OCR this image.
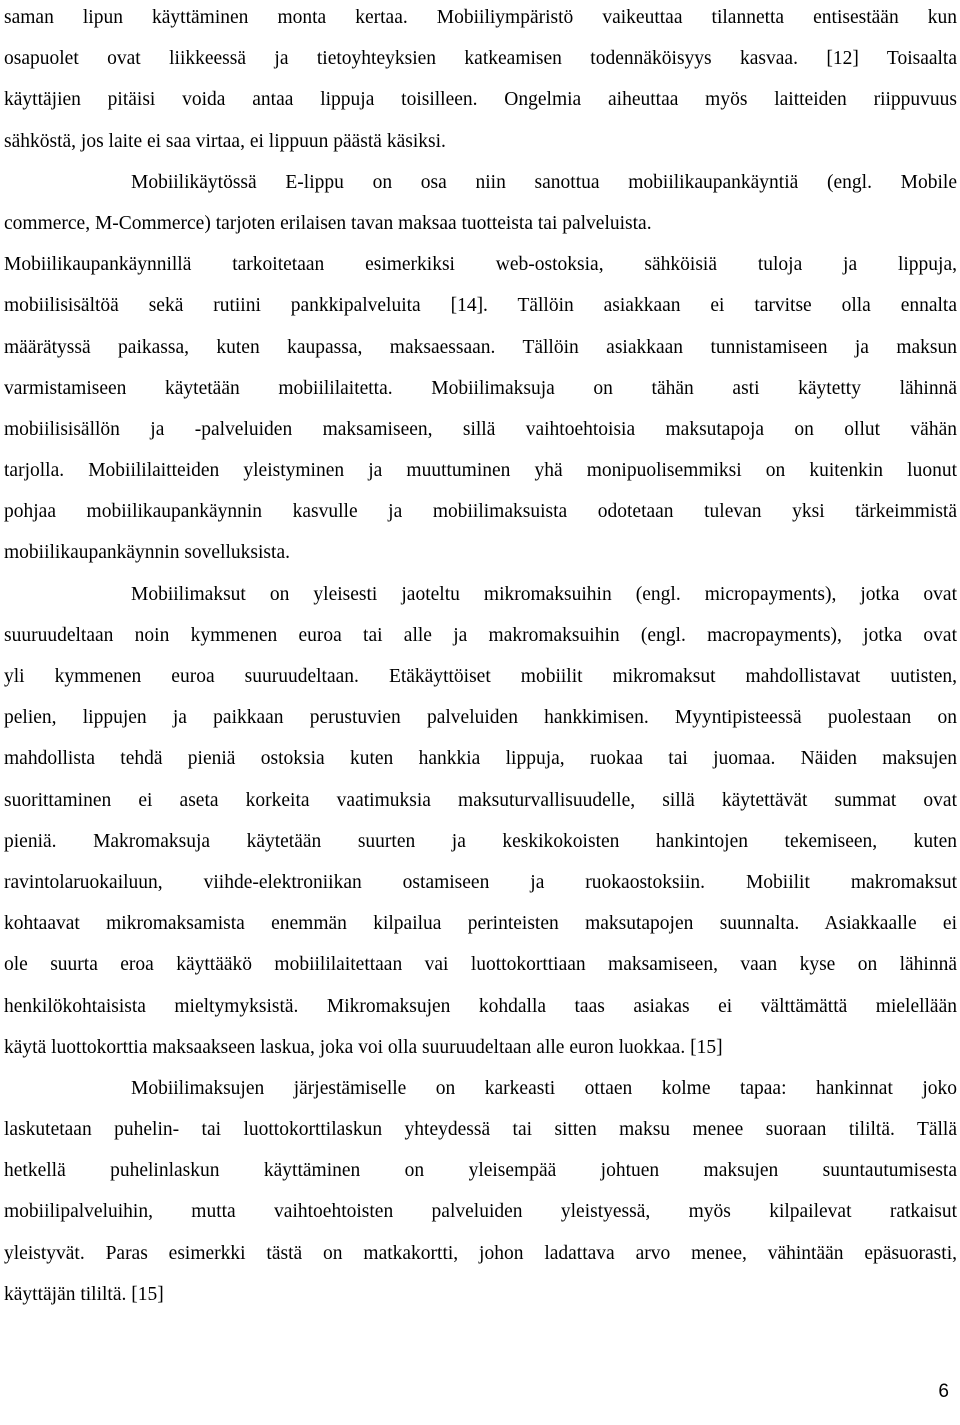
saman lipun käyttäminen monta kertaa. Mobiiliympäristö vaikeuttaa tilannetta entisestään kun
osapuolet ovat liikkeessä ja tietoyhteyksien katkeamisen todennäköisyys kasvaa. [12] Toisaalta
käyttäjien pitäisi voida antaa lippuja toisilleen. Ongelmia aiheuttaa myös laitteiden riippuvuus
sähköstä, jos laite ei saa virtaa, ei lippuun päästä käsiksi.
Mobiilikäytössä E-lippu on osa niin sanottua mobiilikaupankäyntiä (engl. Mobile
commerce, M-Commerce) tarjoten erilaisen tavan maksaa tuotteista tai palveluista.
Mobiilikaupankäynnillä tarkoitetaan esimerkiksi web-ostoksia, sähköisiä tuloja ja lippuja,
mobiilisisältöä sekä rutiini pankkipalveluita [14]. Tällöin asiakkaan ei tarvitse olla ennalta
määrätyssä paikassa, kuten kaupassa, maksaessaan. Tällöin asiakkaan tunnistamiseen ja maksun
varmistamiseen käytetään mobiililaitetta. Mobiilimaksuja on tähän asti käytetty lähinnä
mobiilisisällön ja -palveluiden maksamiseen, sillä vaihtoehtoisia maksutapoja on ollut vähän
tarjolla. Mobiililaitteiden yleistyminen ja muuttuminen yhä monipuolisemmiksi on kuitenkin luonut
pohjaa mobiilikaupankäynnin kasvulle ja mobiilimaksuista odotetaan tulevan yksi tärkeimmistä
mobiilikaupankäynnin sovelluksista.
Mobiilimaksut on yleisesti jaoteltu mikromaksuihin (engl. micropayments), jotka ovat
suuruudeltaan noin kymmenen euroa tai alle ja makromaksuihin (engl. macropayments), jotka ovat
yli kymmenen euroa suuruudeltaan. Etäkäyttöiset mobiilit mikromaksut mahdollistavat uutisten,
pelien, lippujen ja paikkaan perustuvien palveluiden hankkimisen. Myyntipisteessä puolestaan on
mahdollista tehdä pieniä ostoksia kuten hankkia lippuja, ruokaa tai juomaa. Näiden maksujen
suorittaminen ei aseta korkeita vaatimuksia maksuturvallisuudelle, sillä käytettävät summat ovat
pieniä. Makromaksuja käytetään suurten ja keskikokoisten hankintojen tekemiseen, kuten
ravintolaruokailuun, viihde-elektroniikan ostamiseen ja ruokaostoksiin. Mobiilit makromaksut
kohtaavat mikromaksamista enemmän kilpailua perinteisten maksutapojen suunnalta. Asiakkaalle ei
ole suurta eroa käyttääkö mobiililaitettaan vai luottokorttiaan maksamiseen, vaan kyse on lähinnä
henkilökohtaisista mieltymyksistä. Mikromaksujen kohdalla taas asiakas ei välttämättä mielellään
käytä luottokorttia maksaakseen laskua, joka voi olla suuruudeltaan alle euron luokkaa. [15]
Mobiilimaksujen järjestämiselle on karkeasti ottaen kolme tapaa: hankinnat joko
laskutetaan puhelin- tai luottokorttilaskun yhteydessä tai sitten maksu menee suoraan tililtä. Tällä
hetkellä puhelinlaskun käyttäminen on yleisempää johtuen maksujen suuntautumisesta
mobiilipalveluihin, mutta vaihtoehtoisten palveluiden yleistyessä, myös kilpailevat ratkaisut
yleistyvät. Paras esimerkki tästä on matkakortti, johon ladattava arvo menee, vähintään epäsuorasti,
käyttäjän tililtä. [15]
6
